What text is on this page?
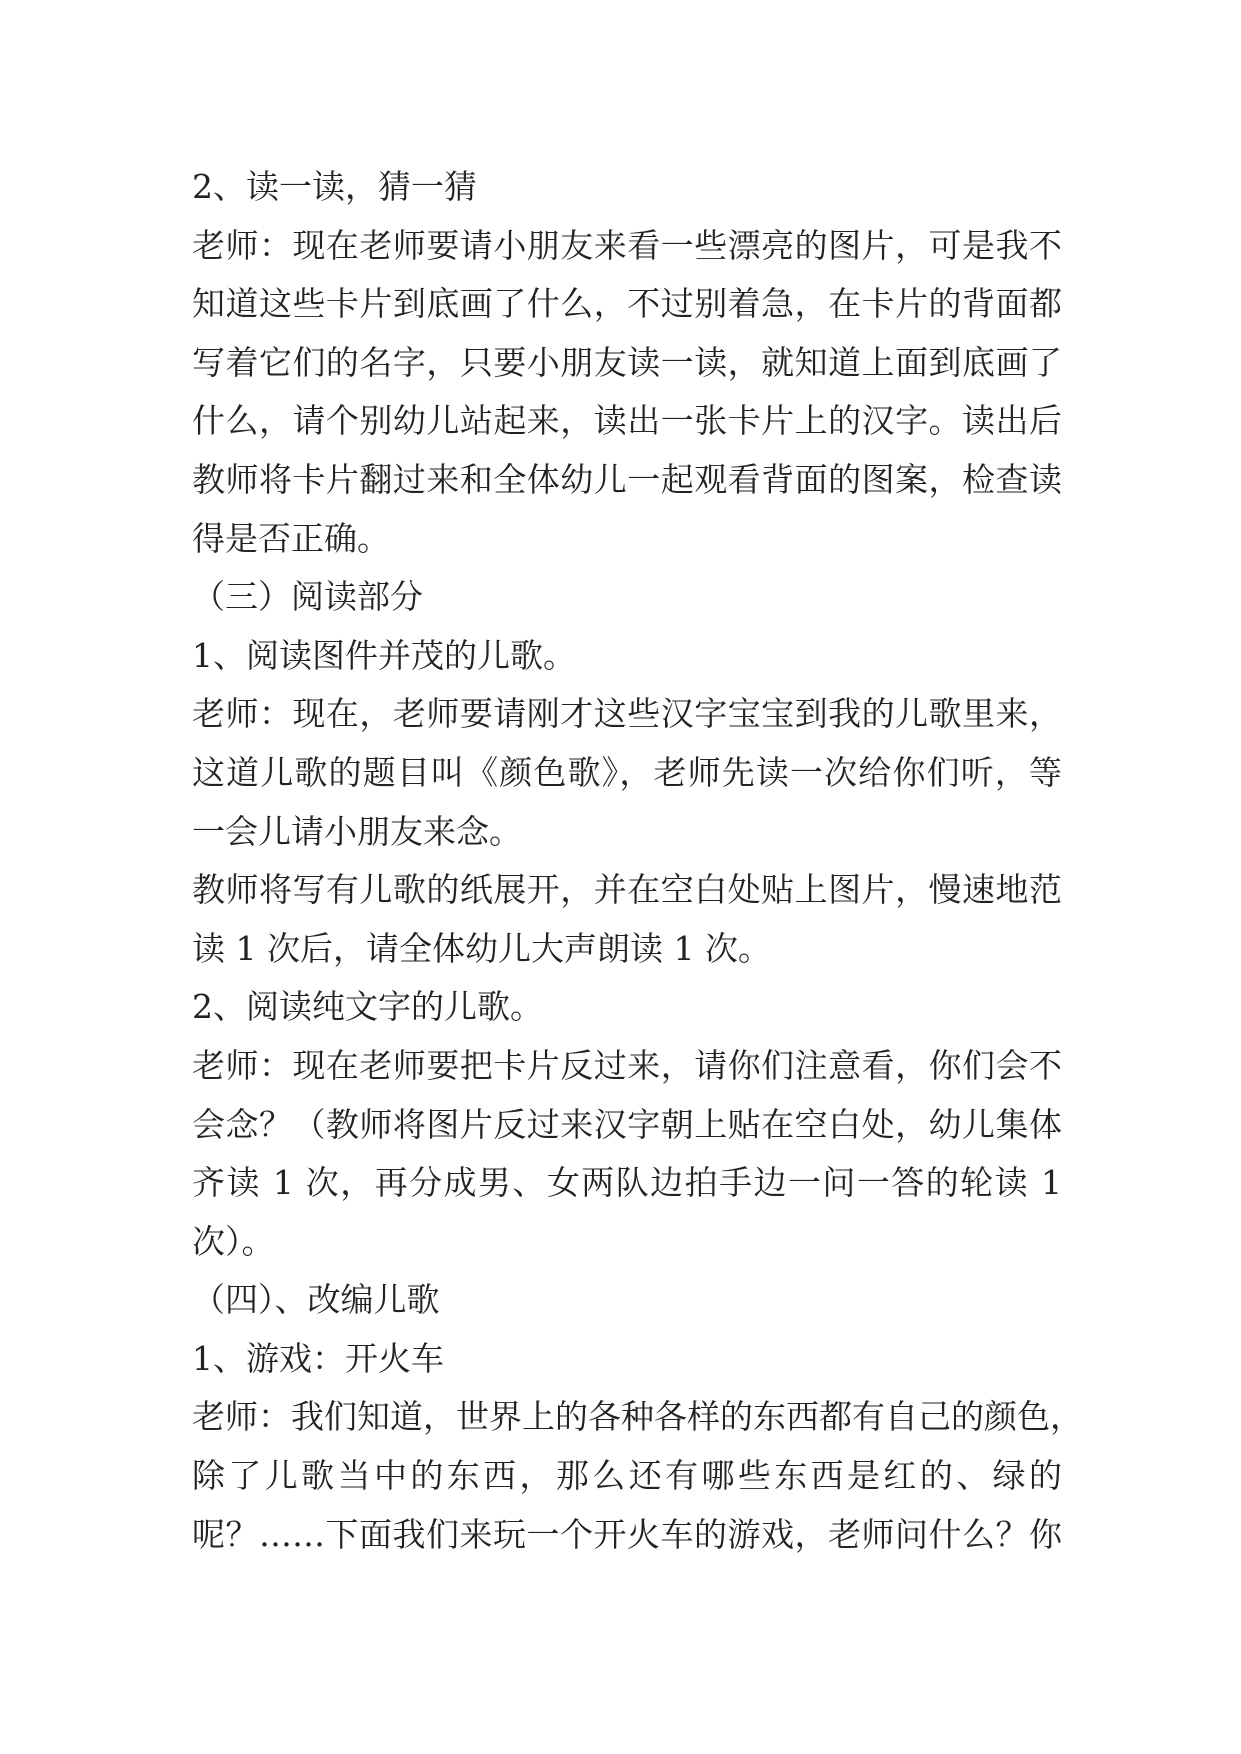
2、读一读，猜一猜
老师：现在老师要请小朋友来看一些漂亮的图片，可是我不
知道这些卡片到底画了什么，不过别着急，在卡片的背面都
写着它们的名字，只要小朋友读一读，就知道上面到底画了
什么，请个别幼儿站起来，读出一张卡片上的汉字。读出后
教师将卡片翻过来和全体幼儿一起观看背面的图案，检查读
得是否正确。
（三）阅读部分
1、阅读图件并茂的儿歌。
老师：现在，老师要请刚才这些汉字宝宝到我的儿歌里来，
这道儿歌的题目叫《颜色歌》，老师先读一次给你们听，等
一会儿请小朋友来念。
教师将写有儿歌的纸展开，并在空白处贴上图片，慢速地范
读 1 次后，请全体幼儿大声朗读 1 次。
2、阅读纯文字的儿歌。
老师：现在老师要把卡片反过来，请你们注意看，你们会不
会念？（教师将图片反过来汉字朝上贴在空白处，幼儿集体
齐读 1 次，再分成男、女两队边拍手边一问一答的轮读 1
次）。
（四）、改编儿歌
1、游戏：开火车
老师：我们知道，世界上的各种各样的东西都有自己的颜色，
除了儿歌当中的东西，那么还有哪些东西是红的、绿的
呢？……下面我们来玩一个开火车的游戏，老师问什么？你
